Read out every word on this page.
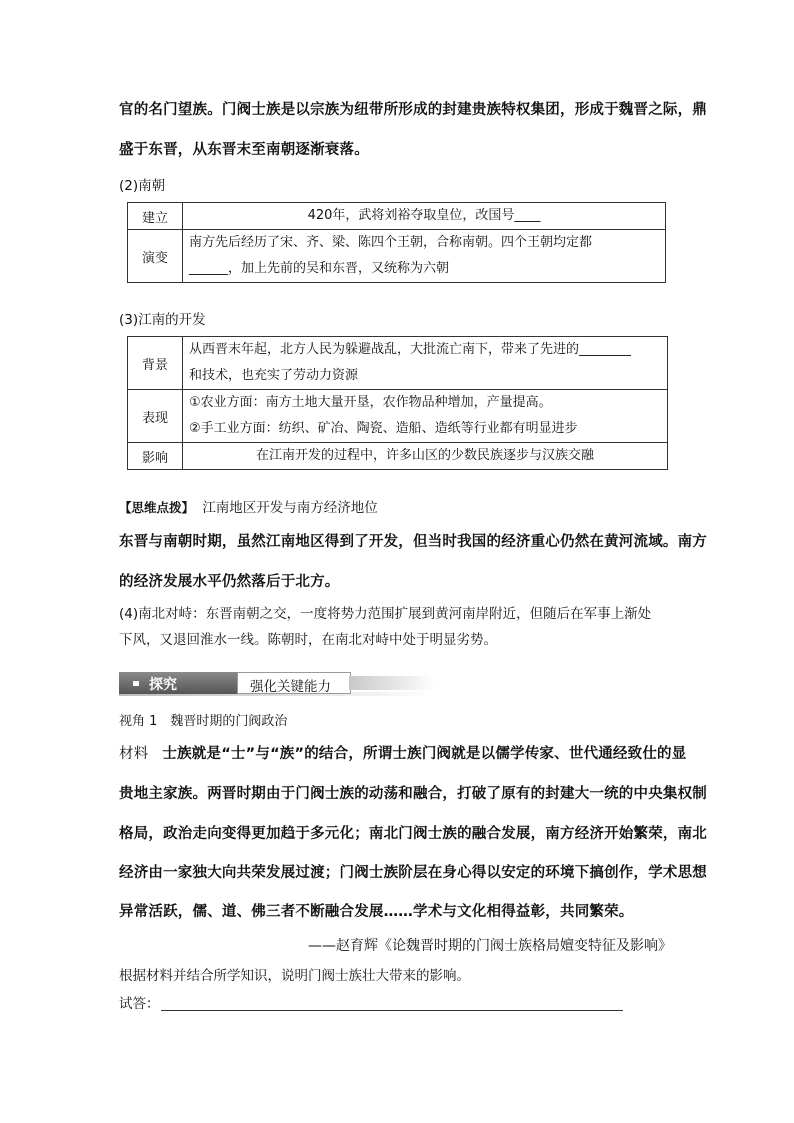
官的名门望族。门阀士族是以宗族为纽带所形成的封建贵族特权集团，形成于魏晋之际，鼎
盛于东晋，从东晋末至南朝逐渐衰落。
(2)南朝
建立	420年，武将刘裕夺取皇位，改国号____

演变	南方先后经历了宋、齐、梁、陈四个王朝，合称南朝。四个王朝均定都
______，加上先前的吴和东晋，又统称为六朝
(3)江南的开发
背景	从西晋末年起，北方人民为躲避战乱，大批流亡南下，带来了先进的________
和技术，也充实了劳动力资源

表现	①农业方面：南方土地大量开垦，农作物品种增加，产量提高。
②手工业方面：纺织、矿冶、陶瓷、造船、造纸等行业都有明显进步

影响	在江南开发的过程中，许多山区的少数民族逐步与汉族交融
【思维点拨】 江南地区开发与南方经济地位
东晋与南朝时期，虽然江南地区得到了开发，但当时我国的经济重心仍然在黄河流域。南方
的经济发展水平仍然落后于北方。
(4)南北对峙：东晋南朝之交，一度将势力范围扩展到黄河南岸附近，但随后在军事上渐处
下风，又退回淮水一线。陈朝时，在南北对峙中处于明显劣势。
探究	强化关键能力
视角 1　魏晋时期的门阀政治
材料 士族就是“士”与“族”的结合，所谓士族门阀就是以儒学传家、世代通经致仕的显
贵地主家族。两晋时期由于门阀士族的动荡和融合，打破了原有的封建大一统的中央集权制
格局，政治走向变得更加趋于多元化；南北门阀士族的融合发展，南方经济开始繁荣，南北
经济由一家独大向共荣发展过渡；门阀士族阶层在身心得以安定的环境下搞创作，学术思想
异常活跃，儒、道、佛三者不断融合发展……学术与文化相得益彰，共同繁荣。
——赵育辉《论魏晋时期的门阀士族格局嬗变特征及影响》
根据材料并结合所学知识，说明门阀士族壮大带来的影响。
试答：
